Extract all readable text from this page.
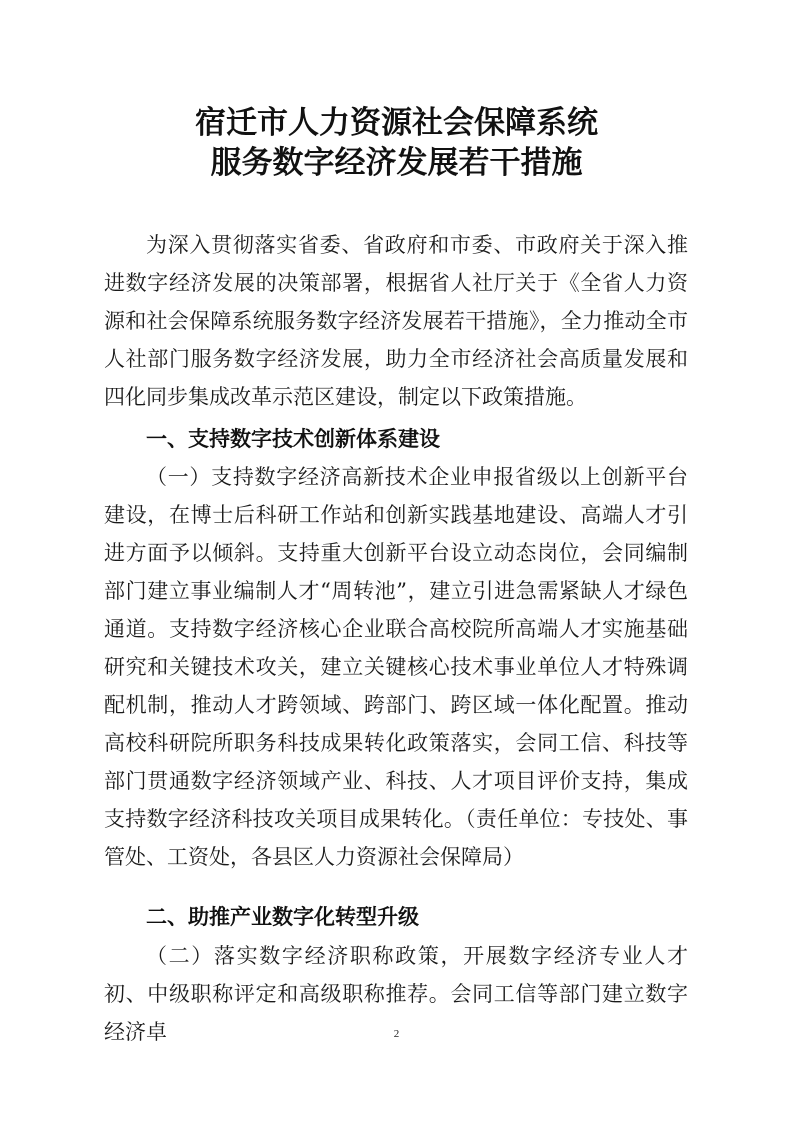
宿迁市人力资源社会保障系统
服务数字经济发展若干措施

为深入贯彻落实省委、省政府和市委、市政府关于深入推进数字经济发展的决策部署，根据省人社厅关于《全省人力资源和社会保障系统服务数字经济发展若干措施》，全力推动全市人社部门服务数字经济发展，助力全市经济社会高质量发展和四化同步集成改革示范区建设，制定以下政策措施。

一、支持数字技术创新体系建设

（一）支持数字经济高新技术企业申报省级以上创新平台建设，在博士后科研工作站和创新实践基地建设、高端人才引进方面予以倾斜。支持重大创新平台设立动态岗位，会同编制部门建立事业编制人才“周转池”，建立引进急需紧缺人才绿色通道。支持数字经济核心企业联合高校院所高端人才实施基础研究和关键技术攻关，建立关键核心技术事业单位人才特殊调配机制，推动人才跨领域、跨部门、跨区域一体化配置。推动高校科研院所职务科技成果转化政策落实，会同工信、科技等部门贯通数字经济领域产业、科技、人才项目评价支持，集成支持数字经济科技攻关项目成果转化。（责任单位：专技处、事管处、工资处，各县区人力资源社会保障局）

二、助推产业数字化转型升级

（二）落实数字经济职称政策，开展数字经济专业人才初、中级职称评定和高级职称推荐。会同工信等部门建立数字经济卓	2
